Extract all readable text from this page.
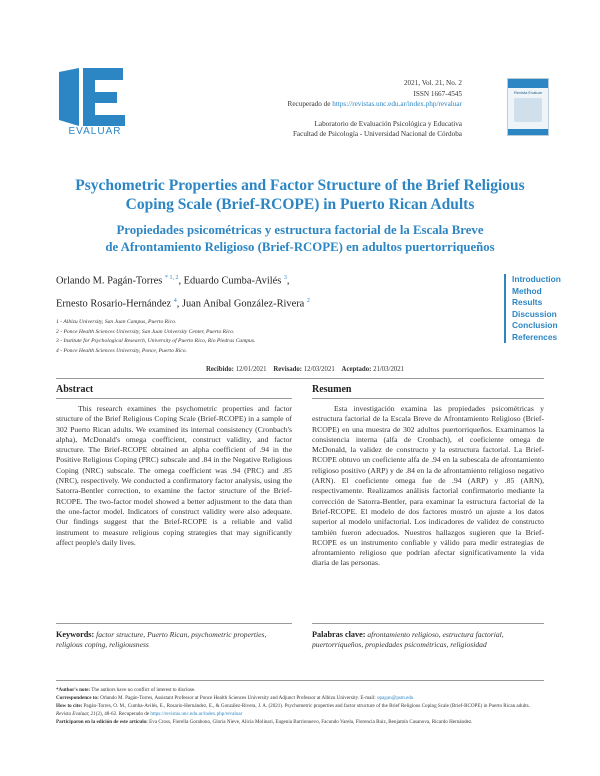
EVALUAR
2021, Vol. 21, No. 2
ISSN 1667-4545
Recuperado de https://revistas.unc.edu.ar/index.php/revaluar
Laboratorio de Evaluación Psicológica y Educativa
Facultad de Psicología - Universidad Nacional de Córdoba
Revista Evaluar
Psychometric Properties and Factor Structure of the Brief Religious
Coping Scale (Brief-RCOPE) in Puerto Rican Adults
Propiedades psicométricas y estructura factorial de la Escala Breve
de Afrontamiento Religioso (Brief-RCOPE) en adultos puertorriqueños
Orlando M. Pagán-Torres $^{* 1, 2}$, Eduardo Cumba-Avilés $^3$,
Ernesto Rosario-Hernández $^4$, Juan Aníbal González-Rivera $^2$
1 - Albizu University, San Juan Campus, Puerto Rico.
2 - Ponce Health Sciences University, San Juan University Center, Puerto Rico.
3 - Institute for Psychological Research, University of Puerto Rico, Río Piedras Campus.
4 - Ponce Health Sciences University, Ponce, Puerto Rico.
Introduction
Method
Results
Discussion
Conclusion
References
Recibido: 12/01/2021 Revisado: 12/03/2021 Aceptado: 21/03/2021
Abstract
This research examines the psychometric properties and factor structure of the Brief Religious Coping Scale (Brief-RCOPE) in a sample of 302 Puerto Rican adults. We examined its internal consistency (Cronbach's alpha), McDonald's omega coefficient, construct validity, and factor structure. The Brief-RCOPE obtained an alpha coefficient of .94 in the Positive Religious Coping (PRC) subscale and .84 in the Negative Religious Coping (NRC) subscale. The omega coefficient was .94 (PRC) and .85 (NRC), respectively. We conducted a confirmatory factor analysis, using the Satorra-Bentler correction, to examine the factor structure of the Brief-RCOPE. The two-factor model showed a better adjustment to the data than the one-factor model. Indicators of construct validity were also adequate. Our findings suggest that the Brief-RCOPE is a reliable and valid instrument to measure religious coping strategies that may significantly affect people's daily lives.
Keywords: factor structure, Puerto Rican, psychometric properties, religious coping, religiousness
Resumen
Esta investigación examina las propiedades psicométricas y estructura factorial de la Escala Breve de Afrontamiento Religioso (Brief-RCOPE) en una muestra de 302 adultos puertorriqueños. Examinamos la consistencia interna (alfa de Cronbach), el coeficiente omega de McDonald, la validez de constructo y la estructura factorial. La Brief-RCOPE obtuvo un coeficiente alfa de .94 en la subescala de afrontamiento religioso positivo (ARP) y de .84 en la de afrontamiento religioso negativo (ARN). El coeficiente omega fue de .94 (ARP) y .85 (ARN), respectivamente. Realizamos análisis factorial confirmatorio mediante la corrección de Satorra-Bentler, para examinar la estructura factorial de la Brief-RCOPE. El modelo de dos factores mostró un ajuste a los datos superior al modelo unifactorial. Los indicadores de validez de constructo también fueron adecuados. Nuestros hallazgos sugieren que la Brief-RCOPE es un instrumento confiable y válido para medir estrategias de afrontamiento religioso que podrían afectar significativamente la vida diaria de las personas.
Palabras clave: afrontamiento religioso, estructura factorial, puertorriqueños, propiedades psicométricas, religiosidad
*Author's note: The authors have no conflict of interest to disclose.
Correspondence to: Orlando M. Pagán-Torres, Assistant Professor at Ponce Health Sciences University and Adjunct Professor at Albizu University. E-mail: opagan@psm.edu
How to cite: Pagán-Torres, O. M., Cumba-Avilés, E., Rosario-Hernández, E., & González-Rivera, J. A. (2021). Psychometric properties and factor structure of the Brief Religious Coping Scale (Brief-RCOPE) in Puerto Rican adults. Revista Evaluar, 21(2), 48-62. Recuperado de https://revistas.unc.edu.ar/index.php/revaluar
Participaron en la edición de este artículo: Eva Cross, Fiorella Gorabono, Gloria Nieve, Alicia Molinari, Eugenia Barrionuevo, Facundo Varela, Florencia Ruiz, Benjamín Casanova, Ricardo Hernández.
